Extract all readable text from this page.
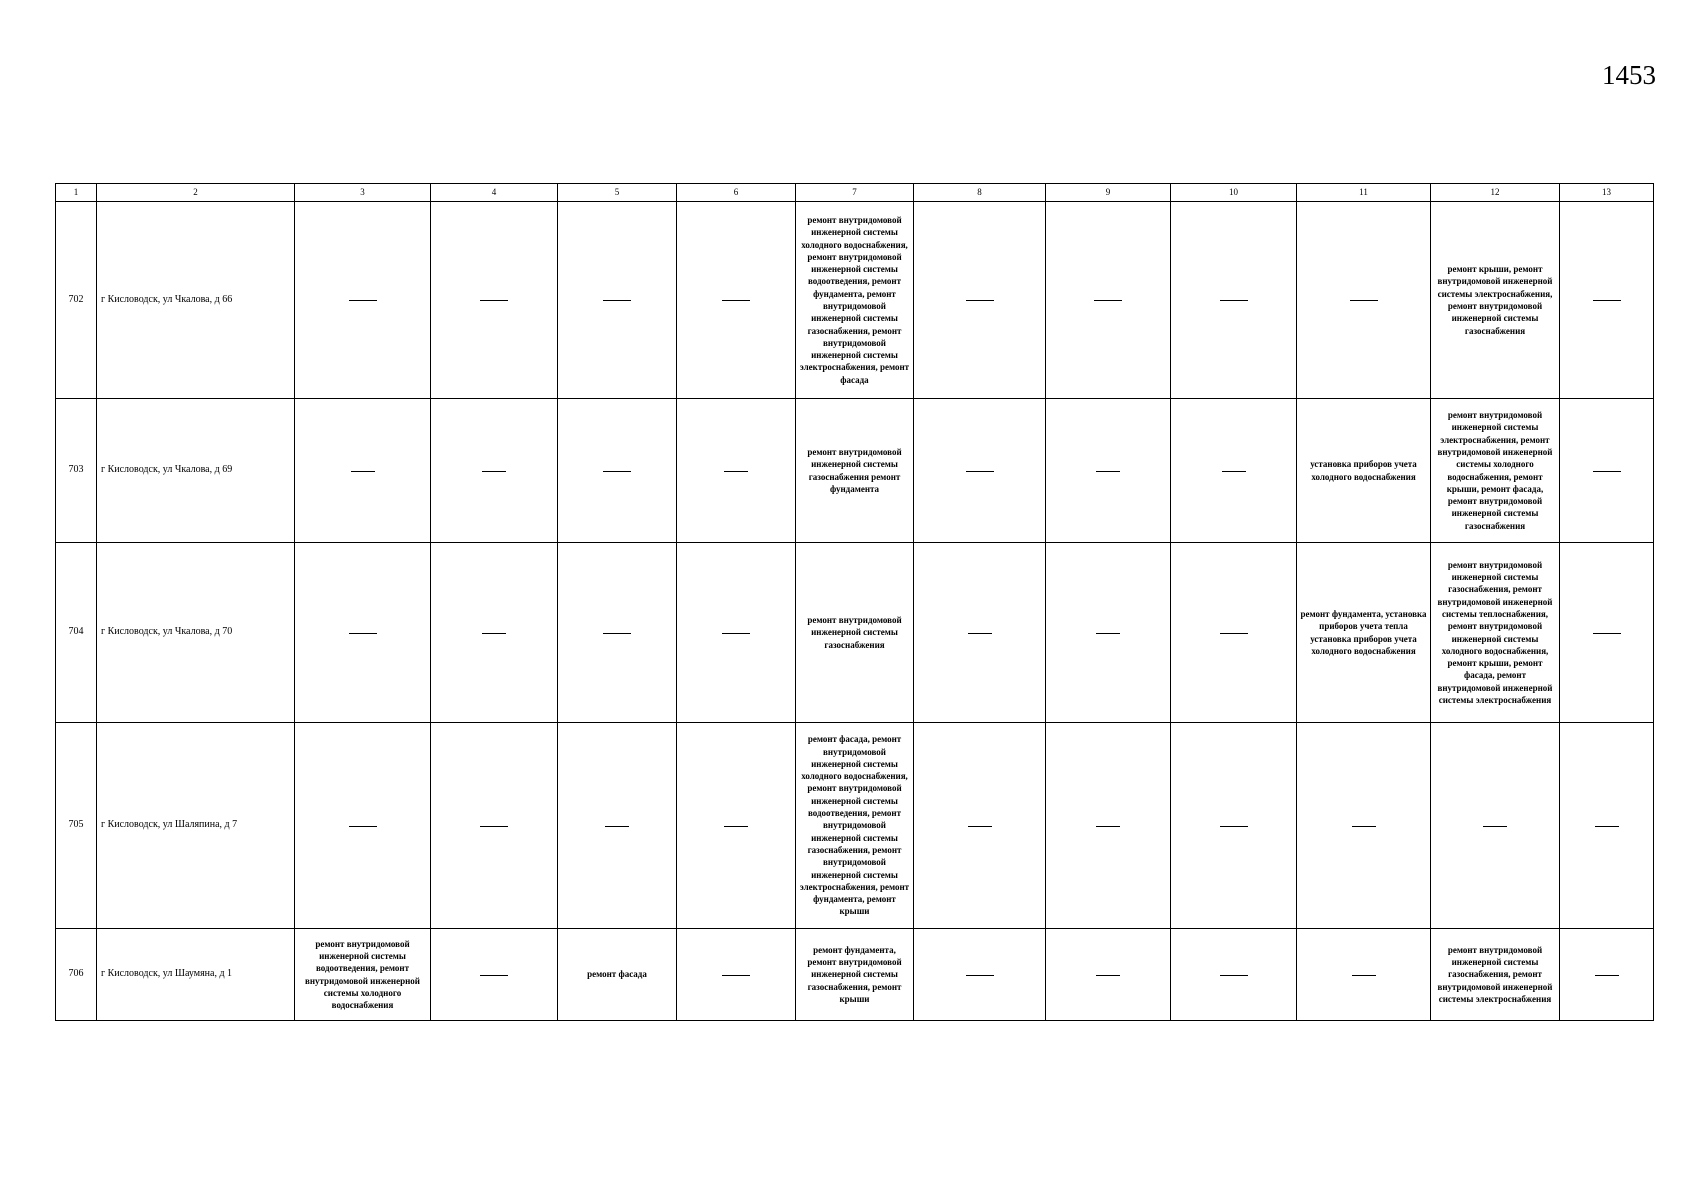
1453
1	2	3	4	5	6	7	8	9	10	11	12	13
702	г Кисловодск, ул Чкалова, д 66					ремонт внутридомовой инженерной системы холодного водоснабжения, ремонт внутридомовой инженерной системы водоотведения, ремонт фундамента, ремонт внутридомовой инженерной системы газоснабжения, ремонт внутридомовой инженерной системы электроснабжения, ремонт фасада					ремонт крыши, ремонт внутридомовой инженерной системы электроснабжения, ремонт внутридомовой инженерной системы газоснабжения	
703	г Кисловодск, ул Чкалова, д 69					ремонт внутридомовой инженерной системы газоснабжения ремонт фундамента				установка приборов учета холодного водоснабжения	ремонт внутридомовой инженерной системы электроснабжения, ремонт внутридомовой инженерной системы холодного водоснабжения, ремонт крыши, ремонт фасада, ремонт внутридомовой инженерной системы газоснабжения	
704	г Кисловодск, ул Чкалова, д 70					ремонт внутридомовой инженерной системы газоснабжения				ремонт фундамента, установка приборов учета тепла установка приборов учета холодного водоснабжения	ремонт внутридомовой инженерной системы газоснабжения, ремонт внутридомовой инженерной системы теплоснабжения, ремонт внутридомовой инженерной системы холодного водоснабжения, ремонт крыши, ремонт фасада, ремонт внутридомовой инженерной системы электроснабжения	
705	г Кисловодск, ул Шаляпина, д 7					ремонт фасада, ремонт внутридомовой инженерной системы холодного водоснабжения, ремонт внутридомовой инженерной системы водоотведения, ремонт внутридомовой инженерной системы газоснабжения, ремонт внутридомовой инженерной системы электроснабжения, ремонт фундамента, ремонт крыши						
706	г Кисловодск, ул Шаумяна, д 1	ремонт внутридомовой инженерной системы водоотведения, ремонт внутридомовой инженерной системы холодного водоснабжения		ремонт фасада		ремонт фундамента, ремонт внутридомовой инженерной системы газоснабжения, ремонт крыши					ремонт внутридомовой инженерной системы газоснабжения, ремонт внутридомовой инженерной системы электроснабжения	
